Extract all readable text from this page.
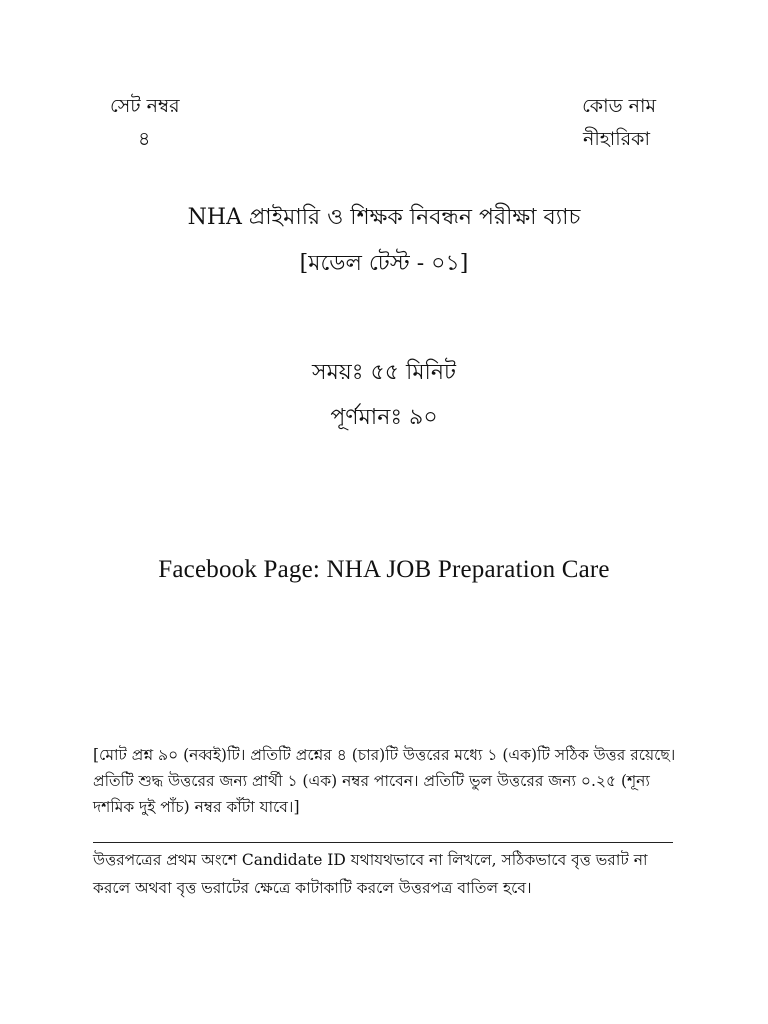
সেট নম্বর
৪
কোড নাম
নীহারিকা
NHA প্রাইমারি ও শিক্ষক নিবন্ধন পরীক্ষা ব্যাচ
[মডেল টেস্ট - ০১]
সময়ঃ ৫৫ মিনিট
পূর্ণমানঃ ৯০
Facebook Page: NHA JOB Preparation Care
[মোট প্রশ্ন ৯০ (নব্বই)টি। প্রতিটি প্রশ্নের ৪ (চার)টি উত্তরের মধ্যে ১ (এক)টি সঠিক উত্তর রয়েছে। প্রতিটি শুদ্ধ উত্তরের জন্য প্রার্থী ১ (এক) নম্বর পাবেন। প্রতিটি ভুল উত্তরের জন্য ০.২৫ (শূন্য দশমিক দুই পাঁচ) নম্বর কাঁটা যাবে।]
উত্তরপত্রের প্রথম অংশে Candidate ID যথাযথভাবে না লিখলে, সঠিকভাবে বৃত্ত ভরাট না করলে অথবা বৃত্ত ভরাটের ক্ষেত্রে কাটাকাটি করলে উত্তরপত্র বাতিল হবে।
